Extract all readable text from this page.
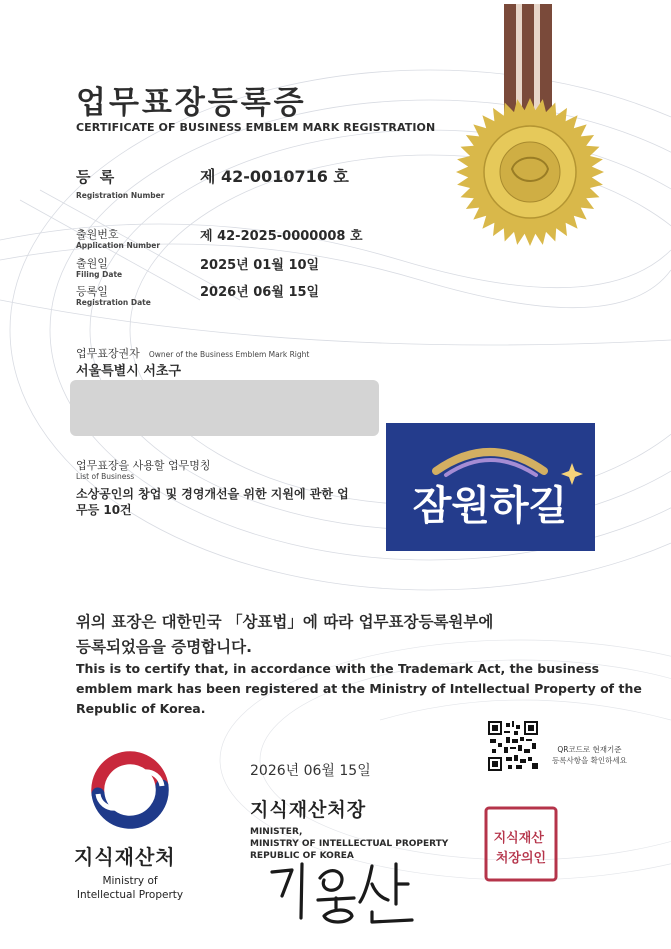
업무표장등록증
CERTIFICATE OF BUSINESS EMBLEM MARK REGISTRATION
등 록
Registration Number
제 42-0010716 호
출원번호
Application Number
제 42-2025-0000008 호
출원일
Filing Date
2025년 01월 10일
등록일
Registration Date
2026년 06월 15일
업무표장권자 Owner of the Business Emblem Mark Right
서울특별시 서초구
업무표장을 사용할 업무명칭
List of Business
소상공인의 창업 및 경영개선을 위한 지원에 관한 업
무등 10건	잠원하길
위의 표장은 대한민국 「상표법」에 따라 업무표장등록원부에
등록되었음을 증명합니다.
This is to certify that, in accordance with the Trademark Act, the business
emblem mark has been registered at the Ministry of Intellectual Property of the
Republic of Korea.
QR코드로 현재기준
등록사항을 확인하세요
2026년 06월 15일
지식재산처장
MINISTER,
MINISTRY OF INTELLECTUAL PROPERTY
REPUBLIC OF KOREA
지식재산처
Ministry of
Intellectual Property
지식재산 처장의인
